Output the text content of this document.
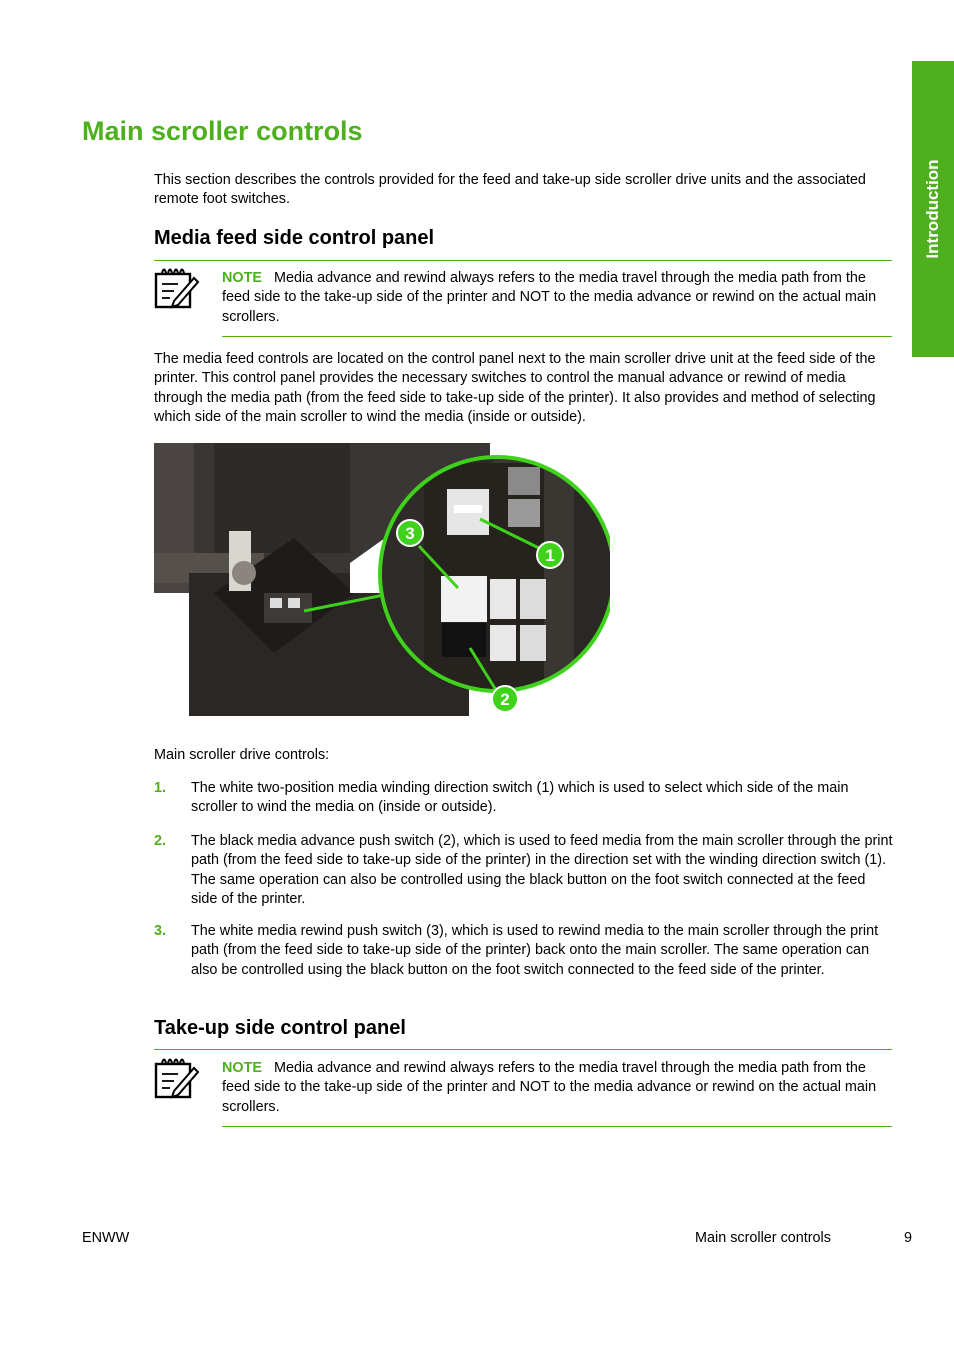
Introduction
Main scroller controls

This section describes the controls provided for the feed and take-up side scroller drive units and the associated remote foot switches.

Media feed side control panel

NOTE Media advance and rewind always refers to the media travel through the media path from the feed side to the take-up side of the printer and NOT to the media advance or rewind on the actual main scrollers.

The media feed controls are located on the control panel next to the main scroller drive unit at the feed side of the printer. This control panel provides the necessary switches to control the manual advance or rewind of media through the media path (from the feed side to take-up side of the printer). It also provides and method of selecting which side of the main scroller to wind the media (inside or outside).

1
2
3

Main scroller drive controls:

1. The white two-position media winding direction switch (1) which is used to select which side of the main scroller to wind the media on (inside or outside).
2. The black media advance push switch (2), which is used to feed media from the main scroller through the print path (from the feed side to take-up side of the printer) in the direction set with the winding direction switch (1). The same operation can also be controlled using the black button on the foot switch connected at the feed side of the printer.
3. The white media rewind push switch (3), which is used to rewind media to the main scroller through the print path (from the feed side to take-up side of the printer) back onto the main scroller. The same operation can also be controlled using the black button on the foot switch connected to the feed side of the printer.
Take-up side control panel

NOTE Media advance and rewind always refers to the media travel through the media path from the feed side to the take-up side of the printer and NOT to the media advance or rewind on the actual main scrollers.

ENWW	Main scroller controls	9
